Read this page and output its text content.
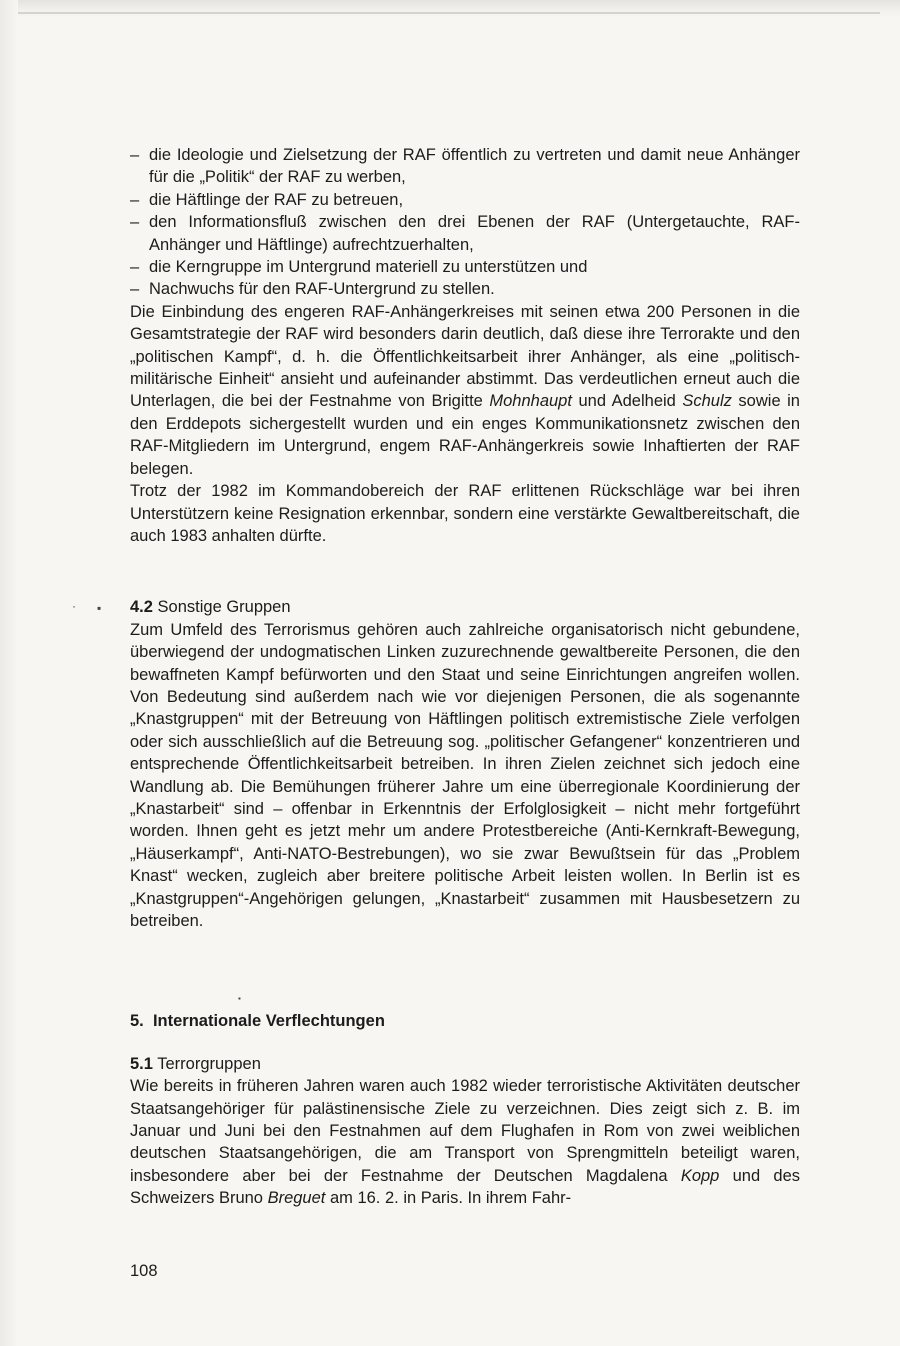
· ▪
▪
– die Ideologie und Zielsetzung der RAF öffentlich zu vertreten und damit neue Anhänger für die „Politik“ der RAF zu werben,
– die Häftlinge der RAF zu betreuen,
– den Informationsfluß zwischen den drei Ebenen der RAF (Untergetauchte, RAF-Anhänger und Häftlinge) aufrechtzuerhalten,
– die Kerngruppe im Untergrund materiell zu unterstützen und
– Nachwuchs für den RAF-Untergrund zu stellen.

Die Einbindung des engeren RAF-Anhängerkreises mit seinen etwa 200 Personen in die Gesamtstrategie der RAF wird besonders darin deutlich, daß diese ihre Terrorakte und den „politischen Kampf“, d. h. die Öffentlichkeitsarbeit ihrer Anhänger, als eine „politisch-militärische Einheit“ ansieht und aufeinander abstimmt. Das verdeutlichen erneut auch die Unterlagen, die bei der Festnahme von Brigitte Mohnhaupt und Adelheid Schulz sowie in den Erddepots sichergestellt wurden und ein enges Kommunikationsnetz zwischen den RAF-Mitgliedern im Untergrund, engem RAF-Anhängerkreis sowie Inhaftierten der RAF belegen.

Trotz der 1982 im Kommandobereich der RAF erlittenen Rückschläge war bei ihren Unterstützern keine Resignation erkennbar, sondern eine verstärkte Gewaltbereitschaft, die auch 1983 anhalten dürfte.

4.2 Sonstige Gruppen

Zum Umfeld des Terrorismus gehören auch zahlreiche organisatorisch nicht gebundene, überwiegend der undogmatischen Linken zuzurechnende gewaltbereite Personen, die den bewaffneten Kampf befürworten und den Staat und seine Einrichtungen angreifen wollen. Von Bedeutung sind außerdem nach wie vor diejenigen Personen, die als sogenannte „Knastgruppen“ mit der Betreuung von Häftlingen politisch extremistische Ziele verfolgen oder sich ausschließlich auf die Betreuung sog. „politischer Gefangener“ konzentrieren und entsprechende Öffentlichkeitsarbeit betreiben. In ihren Zielen zeichnet sich jedoch eine Wandlung ab. Die Bemühungen früherer Jahre um eine überregionale Koordinierung der „Knastarbeit“ sind – offenbar in Erkenntnis der Erfolglosigkeit – nicht mehr fortgeführt worden. Ihnen geht es jetzt mehr um andere Protestbereiche (Anti-Kernkraft-Bewegung, „Häuserkampf“, Anti-NATO-Bestrebungen), wo sie zwar Bewußtsein für das „Problem Knast“ wecken, zugleich aber breitere politische Arbeit leisten wollen. In Berlin ist es „Knastgruppen“-Angehörigen gelungen, „Knastarbeit“ zusammen mit Hausbesetzern zu betreiben.

5. Internationale Verflechtungen
5.1 Terrorgruppen

Wie bereits in früheren Jahren waren auch 1982 wieder terroristische Aktivitäten deutscher Staatsangehöriger für palästinensische Ziele zu verzeichnen. Dies zeigt sich z. B. im Januar und Juni bei den Festnahmen auf dem Flughafen in Rom von zwei weiblichen deutschen Staatsangehörigen, die am Transport von Sprengmitteln beteiligt waren, insbesondere aber bei der Festnahme der Deutschen Magdalena Kopp und des Schweizers Bruno Breguet am 16. 2. in Paris. In ihrem Fahr-

108
